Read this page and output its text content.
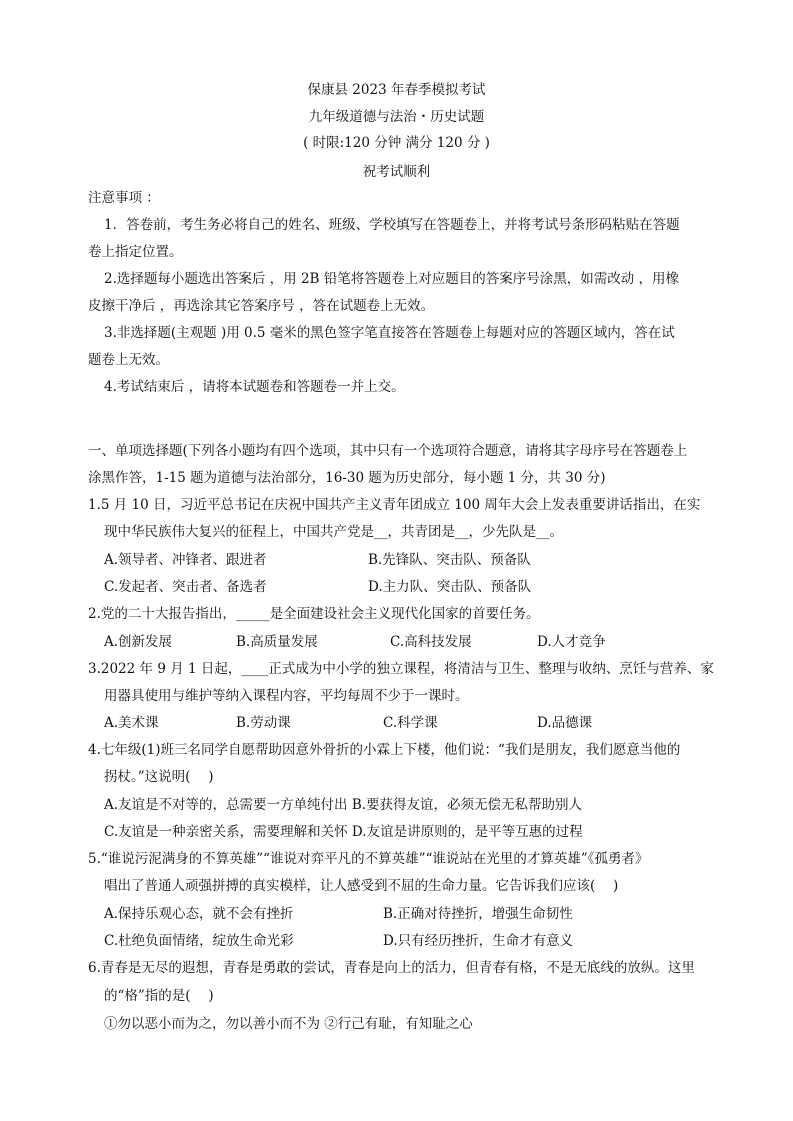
保康县 2023 年春季模拟考试
九年级道德与法治・历史试题
( 时限:120 分钟 满分 120 分 )
祝考试顺利
注意事项 ：
1．答卷前，考生务必将自己的姓名、班级、学校填写在答题卷上，并将考试号条形码粘贴在答题
卷上指定位置。
2.选择题每小题选出答案后 ，用 2B 铅笔将答题卷上对应题目的答案序号涂黑，如需改动 ，用橡
皮擦干净后 ，再选涂其它答案序号 ，答在试题卷上无效。
3.非选择题(主观题 )用 0.5 毫米的黑色签字笔直接答在答题卷上每题对应的答题区域内，答在试
题卷上无效。
4.考试结束后 ，请将本试题卷和答题卷一并上交。
一、单项选择题(下列各小题均有四个选项，其中只有一个选项符合题意，请将其字母序号在答题卷上
涂黑作答，1-15 题为道德与法治部分，16-30 题为历史部分，每小题 1 分，共 30 分)
1.5 月 10 日，习近平总书记在庆祝中国共产主义青年团成立 100 周年大会上发表重要讲话指出，在实
现中华民族伟大复兴的征程上，中国共产党是__，共青团是__，少先队是__。
A.领导者、冲锋者、跟进者	B.先锋队、突击队、预备队
C.发起者、突击者、备选者	D.主力队、突击队、预备队
2.党的二十大报告指出，_____是全面建设社会主义现代化国家的首要任务。
A.创新发展	B.高质量发展	C.高科技发展	D.人才竞争
3.2022 年 9 月 1 日起，____正式成为中小学的独立课程，将清洁与卫生、整理与收纳、烹饪与营养、家
用器具使用与维护等纳入课程内容，平均每周不少于一课时。
A.美术课	B.劳动课	C.科学课	D.品德课
4.七年级(1)班三名同学自愿帮助因意外骨折的小霖上下楼，他们说：“我们是朋友，我们愿意当他的
拐杖。”这说明(　 )
A.友谊是不对等的，总需要一方单纯付出 B.要获得友谊，必须无偿无私帮助别人
C.友谊是一种亲密关系，需要理解和关怀 D.友谊是讲原则的，是平等互惠的过程
5.“谁说污泥满身的不算英雄”“谁说对弈平凡的不算英雄”“谁说站在光里的才算英雄”《孤勇者》
唱出了普通人顽强拼搏的真实模样，让人感受到不屈的生命力量。它告诉我们应该(　 )
A.保持乐观心态，就不会有挫折	B.正确对待挫折，增强生命韧性
C.杜绝负面情绪，绽放生命光彩	D.只有经历挫折，生命才有意义
6.青春是无尽的遐想，青春是勇敢的尝试，青春是向上的活力，但青春有格，不是无底线的放纵。这里
的“格”指的是(　 )
①勿以恶小而为之，勿以善小而不为 ②行己有耻，有知耻之心
